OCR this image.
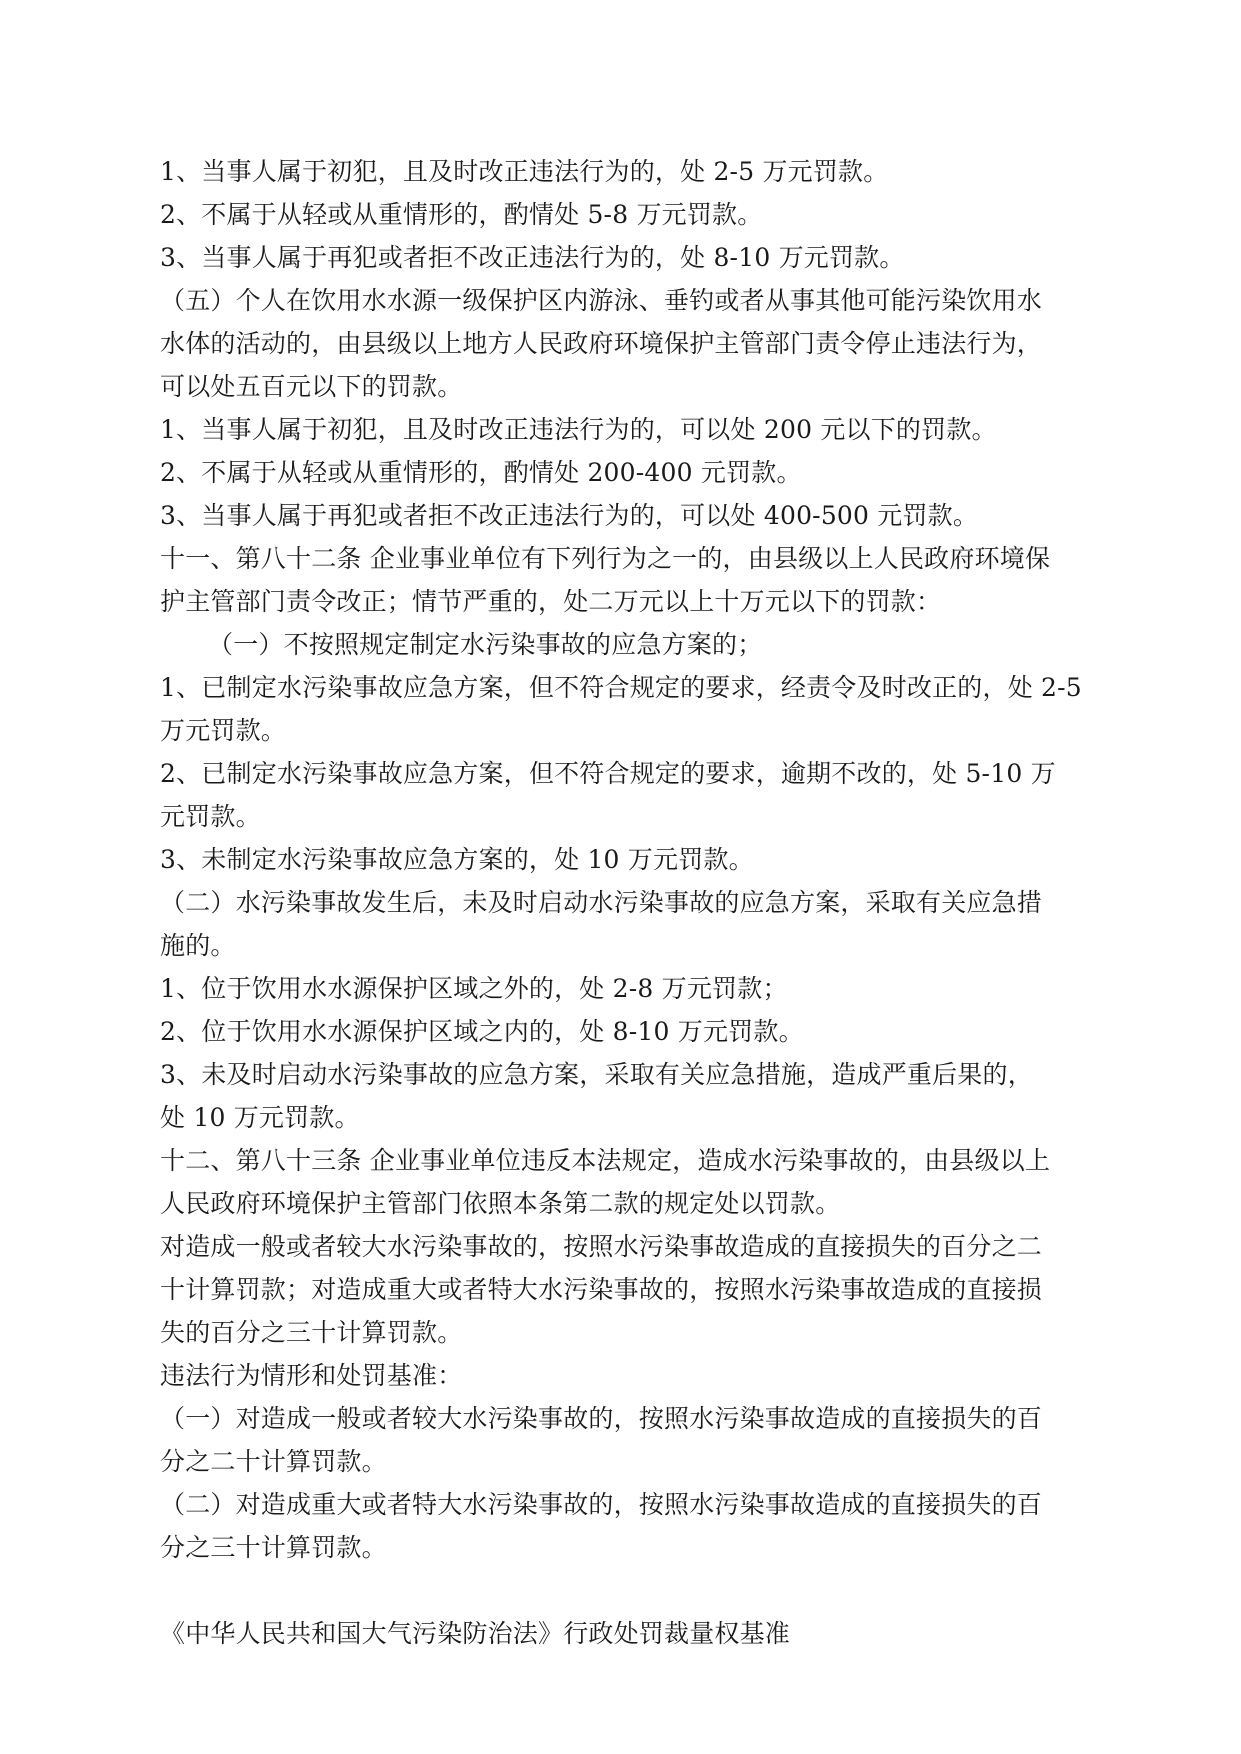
1、当事人属于初犯，且及时改正违法行为的，处 2-5 万元罚款。
2、不属于从轻或从重情形的，酌情处 5-8 万元罚款。
3、当事人属于再犯或者拒不改正违法行为的，处 8-10 万元罚款。
（五）个人在饮用水水源一级保护区内游泳、垂钓或者从事其他可能污染饮用水
水体的活动的，由县级以上地方人民政府环境保护主管部门责令停止违法行为，
可以处五百元以下的罚款。
1、当事人属于初犯，且及时改正违法行为的，可以处 200 元以下的罚款。
2、不属于从轻或从重情形的，酌情处 200-400 元罚款。
3、当事人属于再犯或者拒不改正违法行为的，可以处 400-500 元罚款。
十一、第八十二条 企业事业单位有下列行为之一的，由县级以上人民政府环境保
护主管部门责令改正；情节严重的，处二万元以上十万元以下的罚款：
（一）不按照规定制定水污染事故的应急方案的；
1、已制定水污染事故应急方案，但不符合规定的要求，经责令及时改正的，处 2-5
万元罚款。
2、已制定水污染事故应急方案，但不符合规定的要求，逾期不改的，处 5-10 万
元罚款。
3、未制定水污染事故应急方案的，处 10 万元罚款。
（二）水污染事故发生后，未及时启动水污染事故的应急方案，采取有关应急措
施的。
1、位于饮用水水源保护区域之外的，处 2-8 万元罚款；
2、位于饮用水水源保护区域之内的，处 8-10 万元罚款。
3、未及时启动水污染事故的应急方案，采取有关应急措施，造成严重后果的，
处 10 万元罚款。
十二、第八十三条 企业事业单位违反本法规定，造成水污染事故的，由县级以上
人民政府环境保护主管部门依照本条第二款的规定处以罚款。
对造成一般或者较大水污染事故的，按照水污染事故造成的直接损失的百分之二
十计算罚款；对造成重大或者特大水污染事故的，按照水污染事故造成的直接损
失的百分之三十计算罚款。
违法行为情形和处罚基准：
（一）对造成一般或者较大水污染事故的，按照水污染事故造成的直接损失的百
分之二十计算罚款。
（二）对造成重大或者特大水污染事故的，按照水污染事故造成的直接损失的百
分之三十计算罚款。
《中华人民共和国大气污染防治法》行政处罚裁量权基准
